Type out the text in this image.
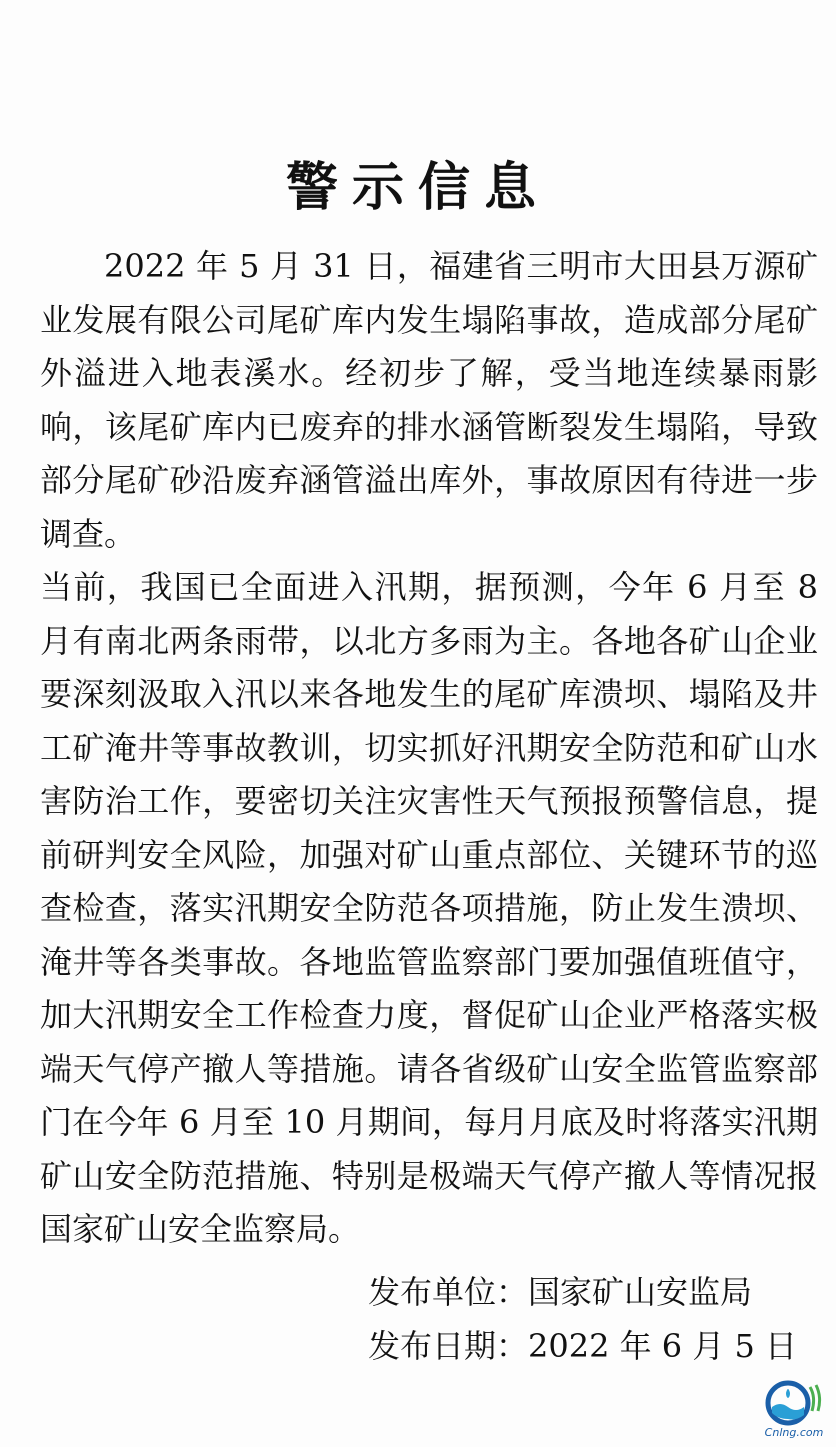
警示信息

2022 年 5 月 31 日，福建省三明市大田县万源矿业发展有限公司尾矿库内发生塌陷事故，造成部分尾矿外溢进入地表溪水。经初步了解，受当地连续暴雨影响，该尾矿库内已废弃的排水涵管断裂发生塌陷，导致部分尾矿砂沿废弃涵管溢出库外，事故原因有待进一步调查。

当前，我国已全面进入汛期，据预测，今年 6 月至 8 月有南北两条雨带，以北方多雨为主。各地各矿山企业要深刻汲取入汛以来各地发生的尾矿库溃坝、塌陷及井工矿淹井等事故教训，切实抓好汛期安全防范和矿山水害防治工作，要密切关注灾害性天气预报预警信息，提前研判安全风险，加强对矿山重点部位、关键环节的巡查检查，落实汛期安全防范各项措施，防止发生溃坝、淹井等各类事故。各地监管监察部门要加强值班值守，加大汛期安全工作检查力度，督促矿山企业严格落实极端天气停产撤人等措施。请各省级矿山安全监管监察部门在今年 6 月至 10 月期间，每月月底及时将落实汛期矿山安全防范措施、特别是极端天气停产撤人等情况报国家矿山安全监察局。

发布单位：国家矿山安监局
发布日期：2022 年 6 月 5 日
Cnlng.com
